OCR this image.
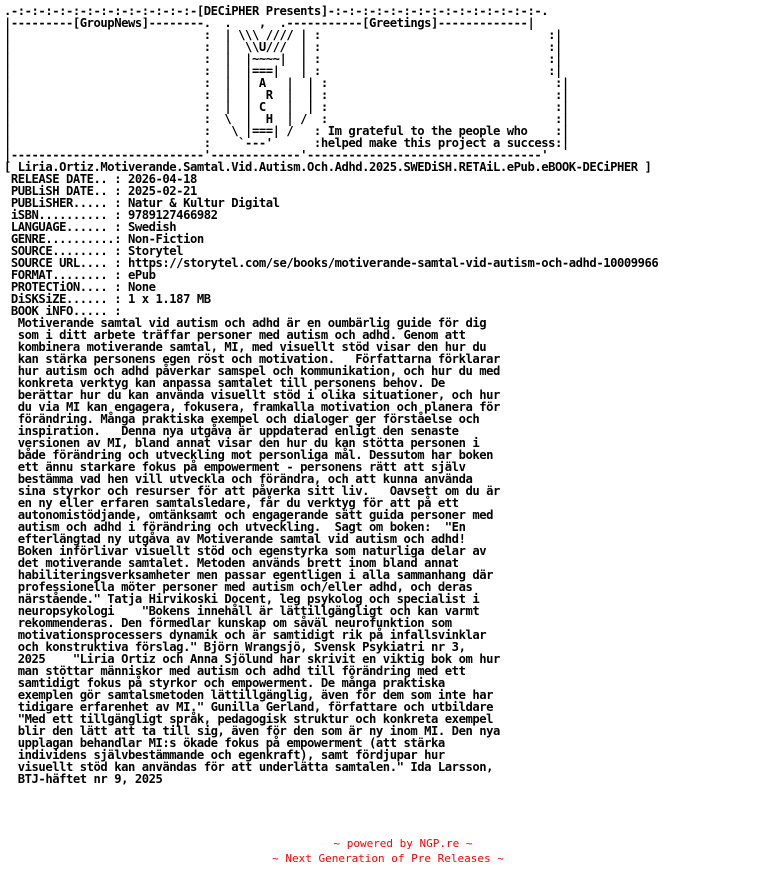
.-:-:-:-:-:-:-:-:-:-:-:-:-:-[DECiPHER Presents]-:-:-:-:-:-:-:-:-:-:-:-:-:-:-:-.
|---------[GroupNews]--------.  .    ,  .-----------[Greetings]-------------|
|                            :  | \\\ //// | :                                 :|
|                            :  |  \\U///  | :                                 :|
|                            :  |  |~~~~|  | :                                 :|
|                            :  |  |===|   | :                                 :|
|                            :  |  | A   |  | :                                 :|
|                            :  |  |  R  |  | :                                 :|
|                            :  |  | C   |  | :                                 :|
|                            :  \  |  H  | /  :                                 :|
|                            :   \ |===| /   : Im grateful to the people who    :|
|                            :    `---'      :helped make this project a success:|
|----------------------------'-------------'----------------------------------'
[ Liria.Ortiz.Motiverande.Samtal.Vid.Autism.Och.Adhd.2025.SWEDiSH.RETAiL.ePub.eBOOK-DECiPHER ]
RELEASE DATE.. : 2026-04-18
PUBLiSH DATE.. : 2025-02-21
PUBLiSHER..... : Natur & Kultur Digital
iSBN.......... : 9789127466982
LANGUAGE...... : Swedish
GENRE..........: Non-Fiction
SOURCE........ : Storytel
SOURCE URL.... : https://storytel.com/se/books/motiverande-samtal-vid-autism-och-adhd-10009966
FORMAT........ : ePub
PROTECTiON.... : None
DiSKSiZE...... : 1 x 1.187 MB
BOOK iNFO..... :
Motiverande samtal vid autism och adhd är en oumbärlig guide för dig
som i ditt arbete träffar personer med autism och adhd. Genom att
kombinera motiverande samtal, MI, med visuellt stöd visar den hur du
kan stärka personens egen röst och motivation.   Författarna förklarar
hur autism och adhd påverkar samspel och kommunikation, och hur du med
konkreta verktyg kan anpassa samtalet till personens behov. De
berättar hur du kan använda visuellt stöd i olika situationer, och hur
du via MI kan engagera, fokusera, framkalla motivation och planera för
förändring. Många praktiska exempel och dialoger ger förståelse och
inspiration.   Denna nya utgåva är uppdaterad enligt den senaste
versionen av MI, bland annat visar den hur du kan stötta personen i
både förändring och utveckling mot personliga mål. Dessutom har boken
ett ännu starkare fokus på empowerment - personens rätt att själv
bestämma vad hen vill utveckla och förändra, och att kunna använda
sina styrkor och resurser för att påverka sitt liv.   Oavsett om du är
en ny eller erfaren samtalsledare, får du verktyg för att på ett
autonomistödjande, omtänksamt och engagerande sätt guida personer med
autism och adhd i förändring och utveckling.  Sagt om boken:  "En
efterlängtad ny utgåva av Motiverande samtal vid autism och adhd!
Boken införlivar visuellt stöd och egenstyrka som naturliga delar av
det motiverande samtalet. Metoden används brett inom bland annat
habiliteringsverksamheter men passar egentligen i alla sammanhang där
professionella möter personer med autism och/eller adhd, och deras
närstående." Tatja Hirvikoski Docent, leg psykolog och specialist i
neuropsykologi    "Bokens innehåll är lättillgängligt och kan varmt
rekommenderas. Den förmedlar kunskap om såväl neurofunktion som
motivationsprocessers dynamik och är samtidigt rik på infallsvinklar
och konstruktiva förslag." Björn Wrangsjö, Svensk Psykiatri nr 3,
2025    "Liria Ortiz och Anna Sjölund har skrivit en viktig bok om hur
man stöttar människor med autism och adhd till förändring med ett
samtidigt fokus på styrkor och empowerment. De många praktiska
exemplen gör samtalsmetoden lättillgänglig, även för dem som inte har
tidigare erfarenhet av MI." Gunilla Gerland, författare och utbildare
"Med ett tillgängligt språk, pedagogisk struktur och konkreta exempel
blir den lätt att ta till sig, även för den som är ny inom MI. Den nya
upplagan behandlar MI:s ökade fokus på empowerment (att stärka
individens självbestämmande och egenkraft), samt fördjupar hur
visuellt stöd kan användas för att underlätta samtalen." Ida Larsson,
BTJ-häftet nr 9, 2025
~ powered by NGP.re ~
~ Next Generation of Pre Releases ~
